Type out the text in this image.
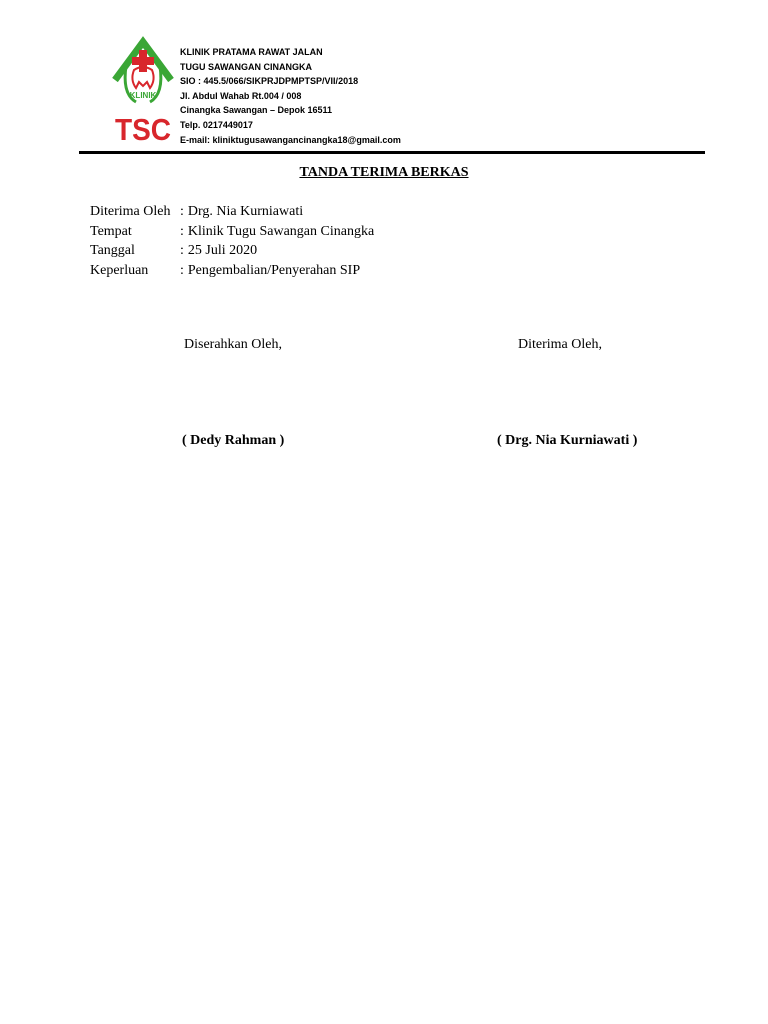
KLINIK
TSC
KLINIK PRATAMA RAWAT JALAN
TUGU SAWANGAN CINANGKA
SIO : 445.5/066/SIKPRJDPMPTSP/VII/2018
Jl. Abdul Wahab Rt.004 / 008
Cinangka Sawangan – Depok 16511
Telp. 0217449017
E-mail: kliniktugusawangancinangka18@gmail.com
TANDA TERIMA BERKAS
Diterima Oleh : Drg. Nia Kurniawati
Tempat	: Klinik Tugu Sawangan Cinangka
Tanggal	: 25 Juli 2020
Keperluan	: Pengembalian/Penyerahan SIP
Diserahkan Oleh,	Diterima Oleh,
( Dedy Rahman )	( Drg. Nia Kurniawati )
